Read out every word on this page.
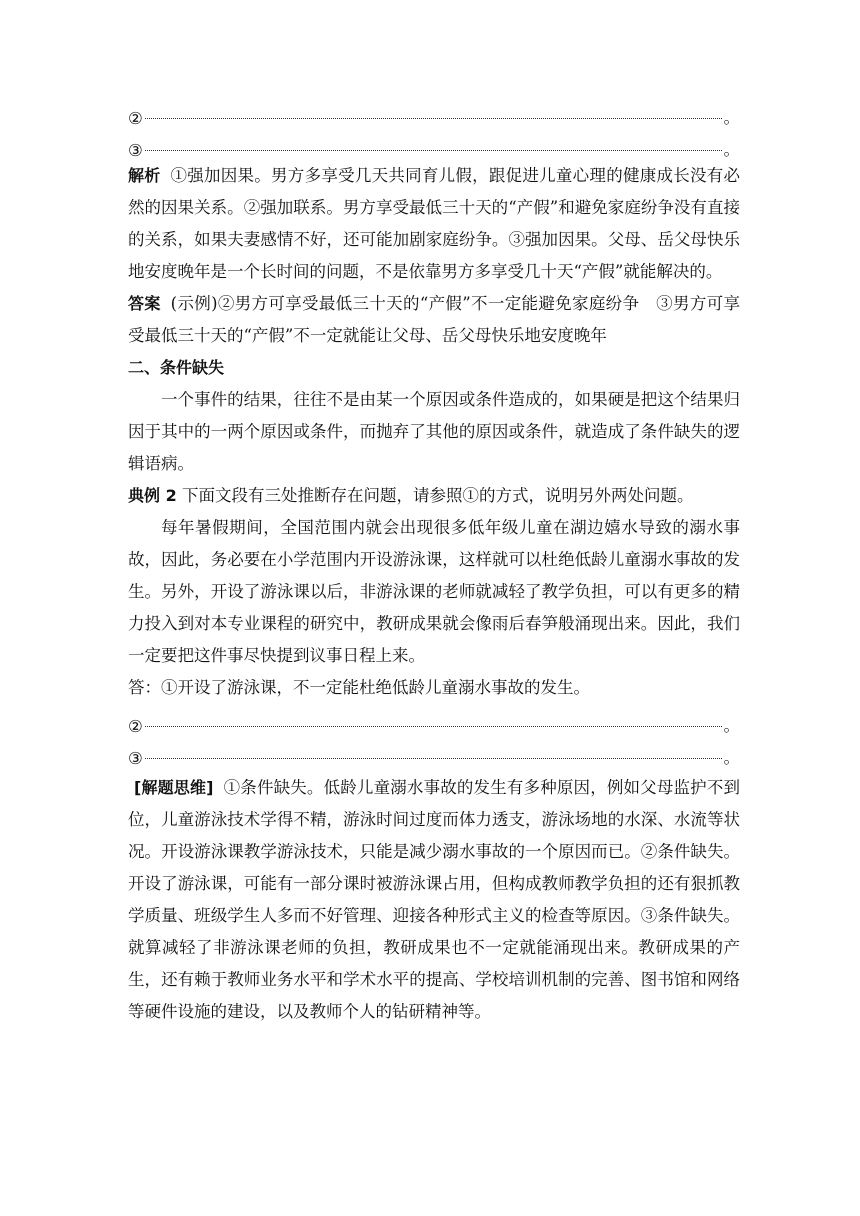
②	。
③	。

解析 ①强加因果。男方多享受几天共同育儿假，跟促进儿童心理的健康成长没有必然的因果关系。②强加联系。男方享受最低三十天的“产假”和避免家庭纷争没有直接的关系，如果夫妻感情不好，还可能加剧家庭纷争。③强加因果。父母、岳父母快乐地安度晚年是一个长时间的问题，不是依靠男方多享受几十天“产假”就能解决的。

答案 (示例)②男方可享受最低三十天的“产假”不一定能避免家庭纷争　③男方可享受最低三十天的“产假”不一定就能让父母、岳父母快乐地安度晚年

二、条件缺失

一个事件的结果，往往不是由某一个原因或条件造成的，如果硬是把这个结果归因于其中的一两个原因或条件，而抛弃了其他的原因或条件，就造成了条件缺失的逻辑语病。

典例 2 下面文段有三处推断存在问题，请参照①的方式，说明另外两处问题。

每年暑假期间，全国范围内就会出现很多低年级儿童在湖边嬉水导致的溺水事故，因此，务必要在小学范围内开设游泳课，这样就可以杜绝低龄儿童溺水事故的发生。另外，开设了游泳课以后，非游泳课的老师就减轻了教学负担，可以有更多的精力投入到对本专业课程的研究中，教研成果就会像雨后春笋般涌现出来。因此，我们一定要把这件事尽快提到议事日程上来。

答：①开设了游泳课，不一定能杜绝低龄儿童溺水事故的发生。
②	。
③	。

[解题思维] ①条件缺失。低龄儿童溺水事故的发生有多种原因，例如父母监护不到位，儿童游泳技术学得不精，游泳时间过度而体力透支，游泳场地的水深、水流等状况。开设游泳课教学游泳技术，只能是减少溺水事故的一个原因而已。②条件缺失。开设了游泳课，可能有一部分课时被游泳课占用，但构成教师教学负担的还有狠抓教学质量、班级学生人多而不好管理、迎接各种形式主义的检查等原因。③条件缺失。就算减轻了非游泳课老师的负担，教研成果也不一定就能涌现出来。教研成果的产生，还有赖于教师业务水平和学术水平的提高、学校培训机制的完善、图书馆和网络等硬件设施的建设，以及教师个人的钻研精神等。
